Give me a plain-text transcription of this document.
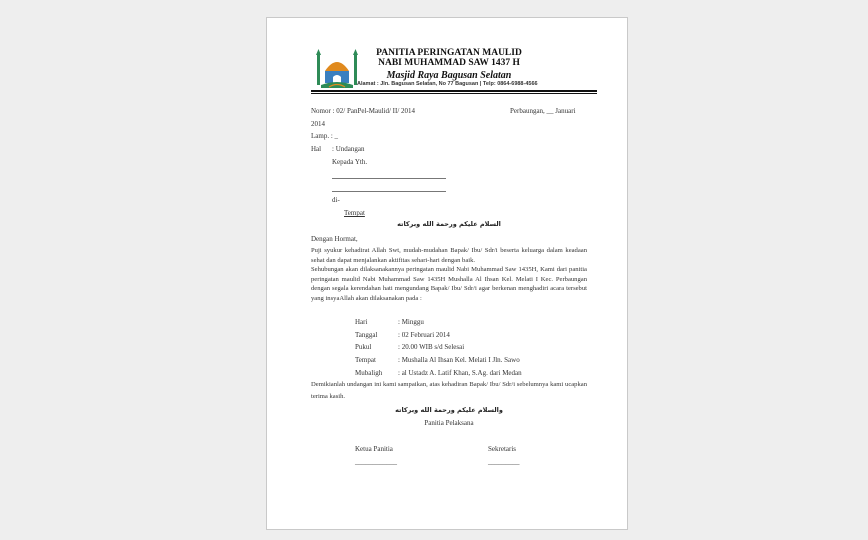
PANITIA PERINGATAN MAULID
NABI MUHAMMAD SAW 1437 H
Masjid Raya Bagusan Selatan
Alamat : Jln. Bagusan Selatan, No 77 Bagusan | Telp: 0864-6988-4566
Nomor : 02/ PanPel-Maulid/ II/ 2014	Perbaungan, __ Januari
2014
Lamp. : _
Hal : Undangan
Kepada Yth.
di-
Tempat
السلام عليكم ورحمة الله وبركاته
Dengan Hormat,
Puji syukur kehadirat Allah Swt, mudah-mudahan Bapak/ Ibu/ Sdr/i beserta keluarga dalam keadaan sehat dan dapat menjalankan aktifitas sehari-hari dengan baik.
Sehubungan akan dilaksanakannya peringatan maulid Nabi Muhammad Saw 1435H, Kami dari panitia peringatan maulid Nabi Muhammad Saw 1435H Mushalla Al Ihsan Kel. Melati I Kec. Perbaungan dengan segala kerendahan hati mengundang Bapak/ Ibu/ Sdr/i agar berkenan menghadiri acara tersebut yang insyaAllah akan dilaksanakan pada :
Hari	: Minggu
Tanggal	: 02 Februari 2014
Pukul	: 20.00 WIB s/d Selesai
Tempat	: Mushalla Al Ihsan Kel. Melati I Jln. Sawo
Mubaligh : al Ustadz A. Latif Khan, S.Ag. dari Medan
Demikianlah undangan ini kami sampaikan, atas kehadiran Bapak/ Ibu/ Sdr/i sebelumnya kami ucapkan terima kasih.
والسلام عليكم ورحمة الله وبركاته
Panitia Pelaksana
Ketua Panitia	Sekretaris
____________	_________
